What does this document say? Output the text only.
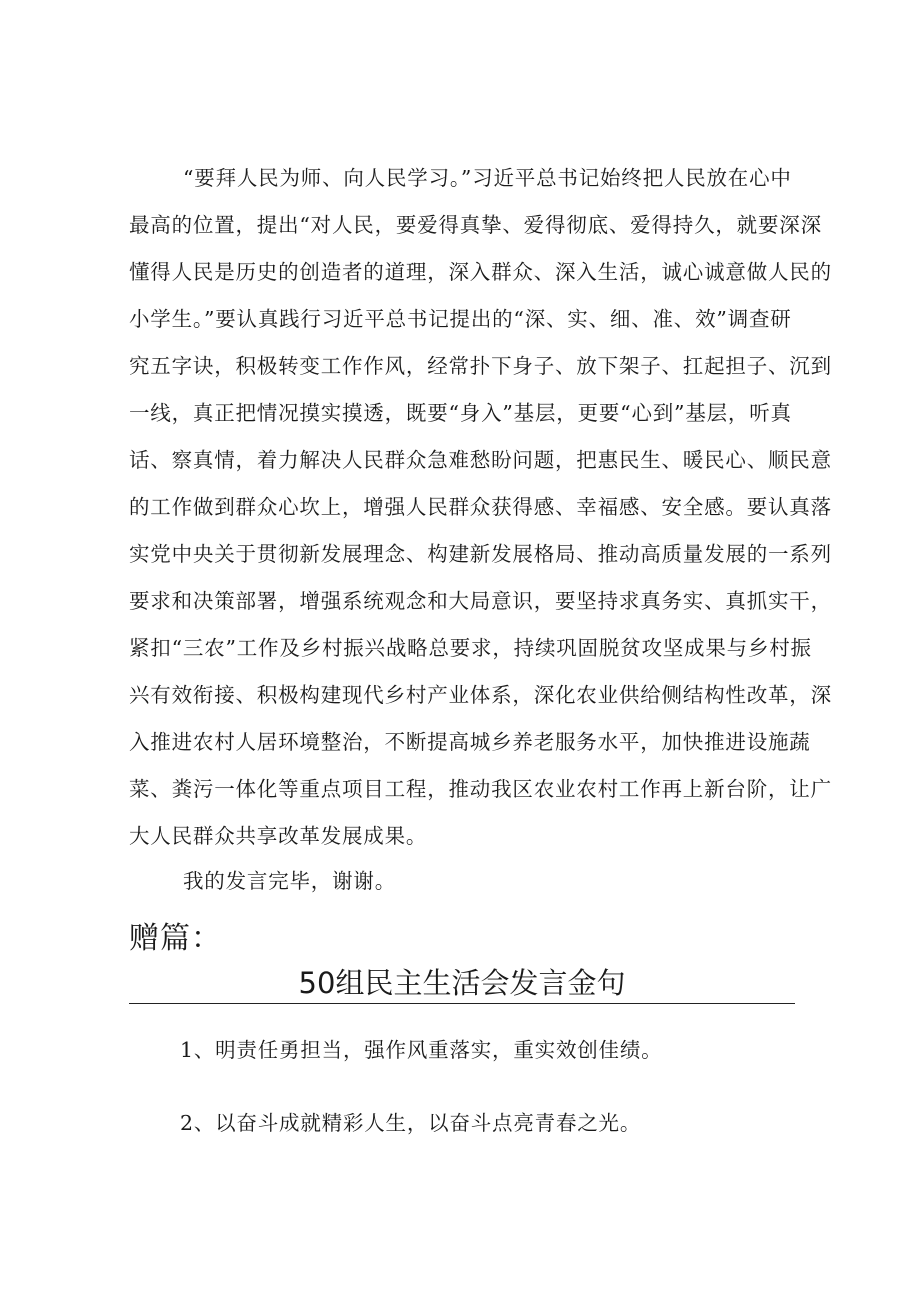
“要拜人民为师、向人民学习。”习近平总书记始终把人民放在心中
最高的位置，提出“对人民，要爱得真挚、爱得彻底、爱得持久，就要深深
懂得人民是历史的创造者的道理，深入群众、深入生活，诚心诚意做人民的
小学生。”要认真践行习近平总书记提出的“深、实、细、准、效”调查研
究五字诀，积极转变工作作风，经常扑下身子、放下架子、扛起担子、沉到
一线，真正把情况摸实摸透，既要“身入”基层，更要“心到”基层，听真
话、察真情，着力解决人民群众急难愁盼问题，把惠民生、暖民心、顺民意
的工作做到群众心坎上，增强人民群众获得感、幸福感、安全感。要认真落
实党中央关于贯彻新发展理念、构建新发展格局、推动高质量发展的一系列
要求和决策部署，增强系统观念和大局意识，要坚持求真务实、真抓实干，
紧扣“三农”工作及乡村振兴战略总要求，持续巩固脱贫攻坚成果与乡村振
兴有效衔接、积极构建现代乡村产业体系，深化农业供给侧结构性改革，深
入推进农村人居环境整治，不断提高城乡养老服务水平，加快推进设施蔬
菜、粪污一体化等重点项目工程，推动我区农业农村工作再上新台阶，让广
大人民群众共享改革发展成果。
我的发言完毕，谢谢。
赠篇：
50组民主生活会发言金句
1、明责任勇担当，强作风重落实，重实效创佳绩。
2、以奋斗成就精彩人生，以奋斗点亮青春之光。
